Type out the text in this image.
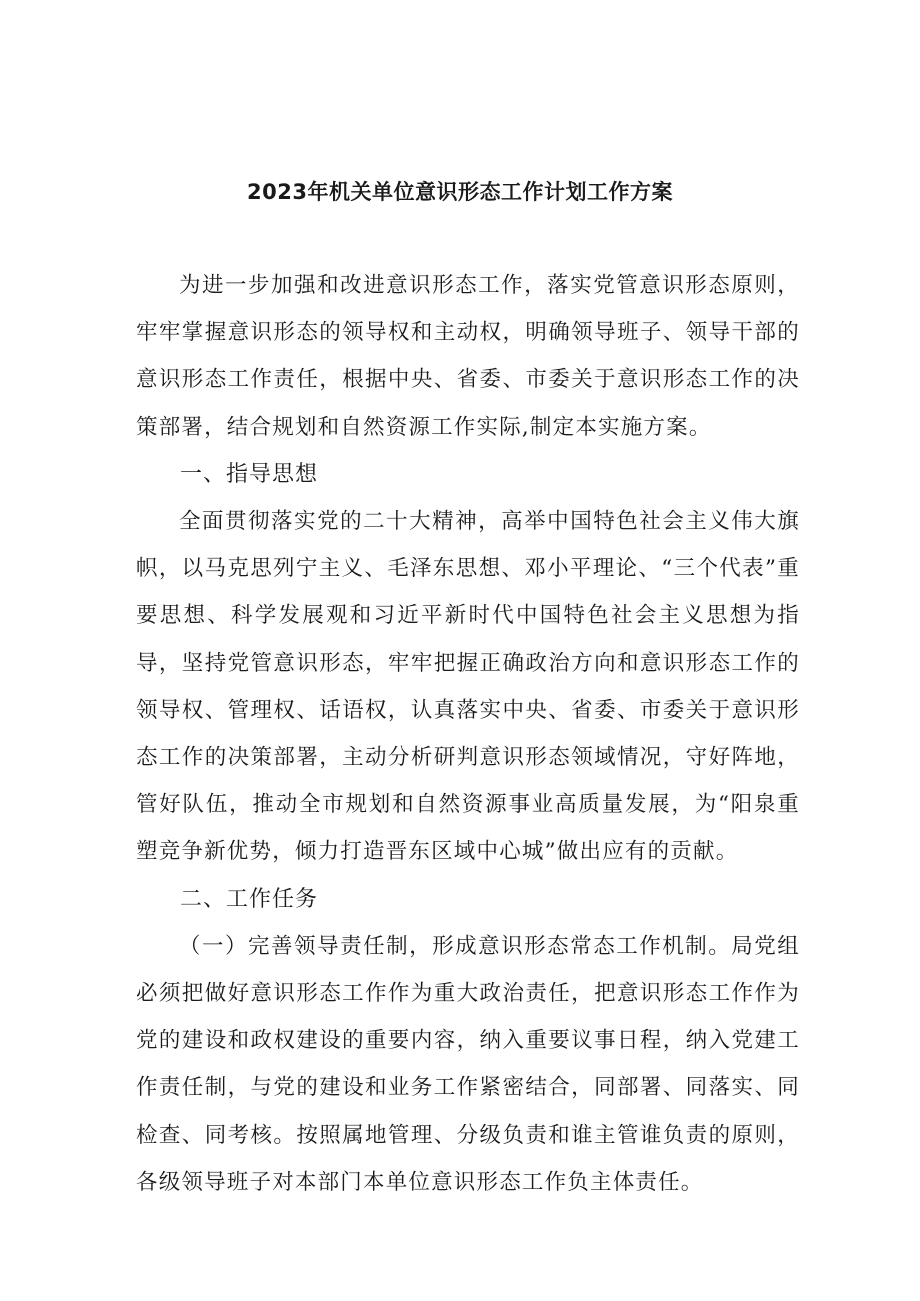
2023年机关单位意识形态工作计划工作方案

为进一步加强和改进意识形态工作，落实党管意识形态原则，牢牢掌握意识形态的领导权和主动权，明确领导班子、领导干部的意识形态工作责任，根据中央、省委、市委关于意识形态工作的决策部署，结合规划和自然资源工作实际,制定本实施方案。

一、指导思想

全面贯彻落实党的二十大精神，高举中国特色社会主义伟大旗帜，以马克思列宁主义、毛泽东思想、邓小平理论、“三个代表”重要思想、科学发展观和习近平新时代中国特色社会主义思想为指导，坚持党管意识形态，牢牢把握正确政治方向和意识形态工作的领导权、管理权、话语权，认真落实中央、省委、市委关于意识形态工作的决策部署，主动分析研判意识形态领域情况，守好阵地，管好队伍，推动全市规划和自然资源事业高质量发展，为“阳泉重塑竞争新优势，倾力打造晋东区域中心城”做出应有的贡献。

二、工作任务

（一）完善领导责任制，形成意识形态常态工作机制。局党组必须把做好意识形态工作作为重大政治责任，把意识形态工作作为党的建设和政权建设的重要内容，纳入重要议事日程，纳入党建工作责任制，与党的建设和业务工作紧密结合，同部署、同落实、同检查、同考核。按照属地管理、分级负责和谁主管谁负责的原则，各级领导班子对本部门本单位意识形态工作负主体责任。
